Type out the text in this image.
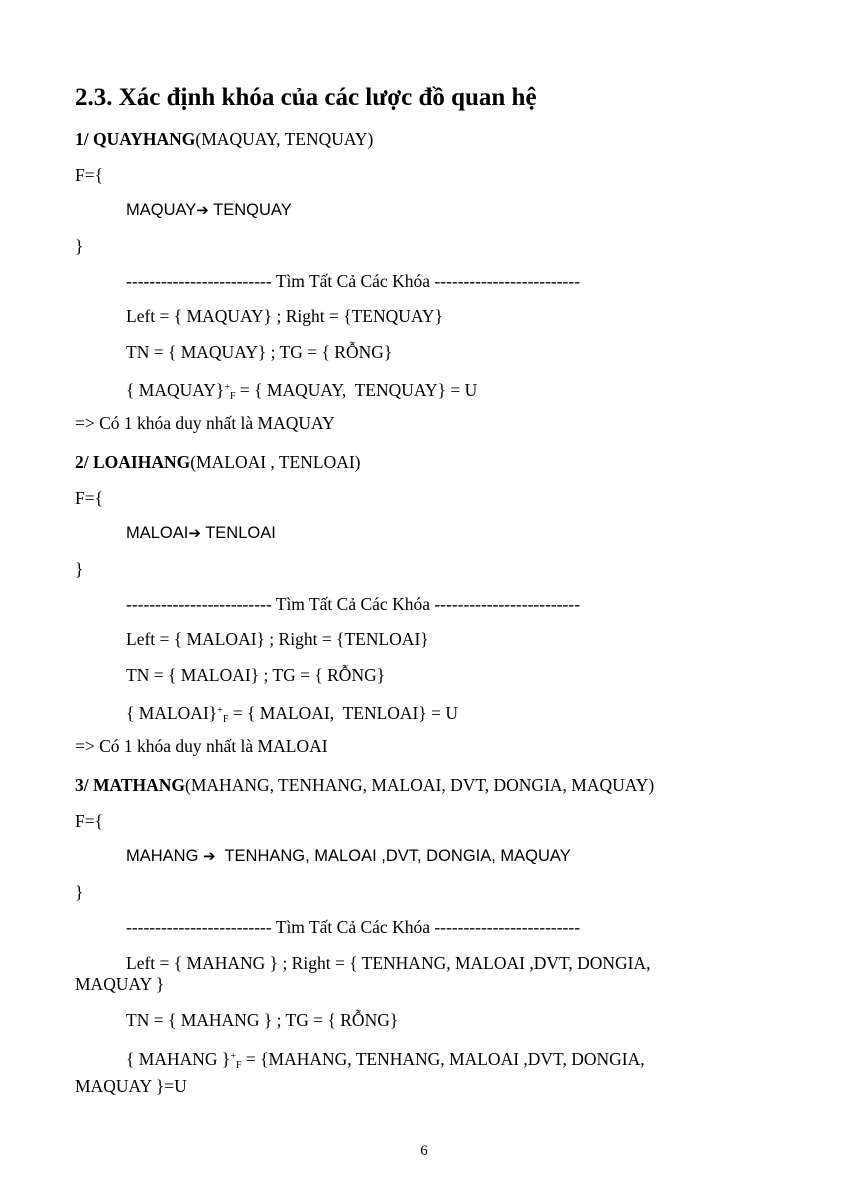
2.3. Xác định khóa của các lược đồ quan hệ
1/ QUAYHANG(MAQUAY, TENQUAY)
F={
MAQUAY➔ TENQUAY
}
------------------------- Tìm Tất Cả Các Khóa -------------------------
Left = { MAQUAY} ; Right = {TENQUAY}
TN = { MAQUAY} ; TG = { RỖNG}
{ $MAQUAY\}^+_F$ = { MAQUAY,  TENQUAY} = U
=> Có 1 khóa duy nhất là MAQUAY
2/ LOAIHANG(MALOAI , TENLOAI)
F={
MALOAI➔ TENLOAI
}
------------------------- Tìm Tất Cả Các Khóa -------------------------
Left = { MALOAI} ; Right = {TENLOAI}
TN = { MALOAI} ; TG = { RỖNG}
{ $MALOAI\}^+_F$ = { MALOAI,  TENLOAI} = U
=> Có 1 khóa duy nhất là MALOAI
3/ MATHANG(MAHANG, TENHANG, MALOAI, DVT, DONGIA, MAQUAY)
F={
MAHANG ➔  TENHANG, MALOAI ,DVT, DONGIA, MAQUAY
}
------------------------- Tìm Tất Cả Các Khóa -------------------------
Left = { MAHANG } ; Right = { TENHANG, MALOAI ,DVT, DONGIA, MAQUAY }
TN = { MAHANG } ; TG = { RỖNG}
{ MAHANG }$^+_F$ = {MAHANG, TENHANG, MALOAI ,DVT, DONGIA, MAQUAY }=U
6
